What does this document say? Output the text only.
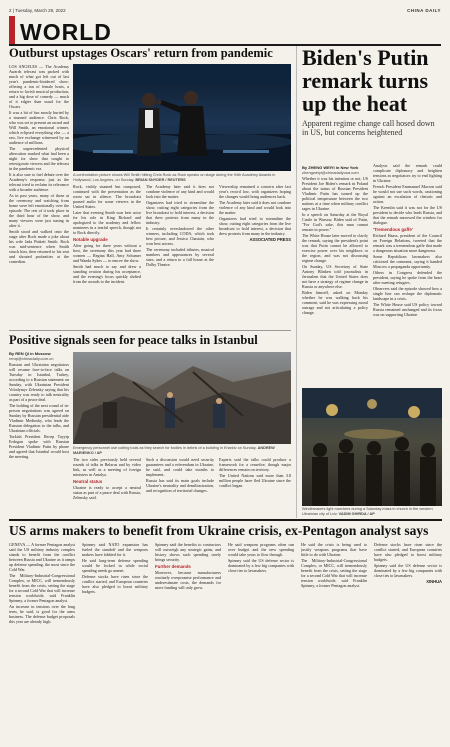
2 | Tuesday, March 29, 2022	CHINA DAILY
WORLD
Outburst upstages Oscars' return from pandemic

LOS ANGELES — The Academy Awards telecast was packed with much of what got left out of last year's pandemic-hindered show: offering a ton of female hosts, a return to lavish musical production, and a big dose of comedy — much of it edgier than usual for the Oscars.

It was a bit of fun mostly buried by a stunned audience. Chris Rock, who was set to present an award and Will Smith, an emotional winner, which eclipsed everything else — a raw, live exchange witnessed by an audience of millions.

The unprecedented physical altercation marked what had been a night for show that sought to reinvigorate viewers and the telecast in the pandemic era.

It is also sure to fuel debate over the Academy's response, just as the telecast tried to reclaim its relevance with a broader audience.

As in past years, many of those at the ceremony and watching from home were left emotionally over the episode. The rest of it took place in the third hour of the show, and many viewers were just tuning in after it.

Smith stood and walked onto the stage after Rock made a joke about his wife Jada Pinkett Smith. Rock was mid-sentence when Smith struck him, then returned to his seat and shouted profanities at the comedian.

A confrontation picture shows Will Smith hitting Chris Rock as Rock speaks on stage during the 94th Academy Awards in Hollywood, Los Angeles, on Sunday. BRIAN SNYDER / REUTERS

Rock, visibly stunned but composed, continued with the presentation as the room sat in silence. The broadcast paused audio for some viewers in the United States.

Later that evening Smith won best actor for his role in King Richard and apologized to the academy and fellow nominees in a tearful speech, though not to Rock directly.

Notable upgrade

After going for three years without a host, the ceremony this year had three women — Regina Hall, Amy Schumer and Wanda Sykes — to emcee the show.

Smith had much to say and drew a standing ovation during his acceptance, and the evening's focus quickly shifted from the awards to the incident.

The Academy later said it does not condone violence of any kind and would look into the matter.

Organizers had tried to streamline the show, cutting eight categories from the live broadcast to hold interest, a decision that drew protests from many in the industry.

It certainly overshadowed the other winners, including CODA, which took best picture, and Jessica Chastain, who won best actress.

The ceremony included tributes, musical numbers and appearances by several stars, and a return to a full house at the Dolby Theatre.

Viewership remained a concern after last year's record low, with organizers hoping the changes would bring audiences back.

The Academy later said it does not condone violence of any kind and would look into the matter.

Organizers had tried to streamline the show, cutting eight categories from the live broadcast to hold interest, a decision that drew protests from many in the industry.

ASSOCIATED PRESS

Positive signals seen for peace talks in Istanbul
By REN QI in Moscow
renqi@chinadaily.com.cn

Russian and Ukrainian negotiators will resume face-to-face talks on Tuesday in Istanbul, Turkey, according to a Russian statement on Sunday, with Ukrainian President Volodymyr Zelensky saying that his country was ready to talk neutrality as part of a peace deal.

The holding of the next round of in-person negotiations was agreed on Sunday by Russian presidential aide Vladimir Medinsky, who leads the Russian delegation to the talks, and Ukrainian officials.

Turkish President Recep Tayyip Erdogan spoke with Russian President Vladimir Putin by phone and agreed that Istanbul would host the meeting.

Emergency personnel use cutting tools as they search for bodies in debris of a building in Kharkiv on Sunday. ANDREW MARIENKO / AP

The two sides previously held several rounds of talks in Belarus and by video link, as well as a meeting of foreign ministers in Antalya.

Neutral status

Ukraine is ready to accept a neutral status as part of a peace deal with Russia, Zelensky said.

Such a discussion would need security guarantees and a referendum in Ukraine, he said, and could take months to implement.

Russia has said its main goals include Ukraine's neutrality and demilitarization, and recognition of territorial changes.

Experts said the talks could produce a framework for a ceasefire, though major differences remain on territory.

The United Nations said more than 3.8 million people have fled Ukraine since the conflict began.

Biden's Putin remark turns up the heat
Apparent regime change call hosed down in US, but concerns heightened
By ZHENG WEIYI in New York
zhengweiyi@chinadailyusa.com

Whether it was his intention or not, US President Joe Biden's remark in Poland about the status of Russian President Vladimir Putin has turned up the political temperature between the two nations at a time when military conflict rages in Ukraine.

In a speech on Saturday at the Royal Castle in Warsaw, Biden said of Putin, "For God's sake, this man cannot remain in power."

The White House later moved to clarify the remark, saying the president's point was that Putin cannot be allowed to exercise power over his neighbors or the region, and was not discussing regime change.

On Sunday, US Secretary of State Antony Blinken told journalists in Jerusalem that the United States does not have a strategy of regime change in Russia or anywhere else.

Biden himself, asked on Monday whether he was walking back his comment, said he was expressing moral outrage and not articulating a policy change.

Analysts said the remark could complicate diplomacy and heighten tensions as negotiators try to end fighting in Ukraine.

French President Emmanuel Macron said he would not use such words, cautioning against an escalation of rhetoric and action.

The Kremlin said it was not for the US president to decide who leads Russia, and that the remark narrowed the window for dialogue.

'Tremendous gaffe'

Richard Haass, president of the Council on Foreign Relations, tweeted that the remark was a tremendous gaffe that made a dangerous situation more dangerous.

Some Republican lawmakers also criticized the comment, saying it handed Moscow a propaganda opportunity.

Others in Congress defended the president, saying he spoke from the heart after meeting refugees.

Observers said the episode showed how a single line can reshape the diplomatic landscape in a crisis.

The White House said US policy toward Russia remained unchanged and its focus was on supporting Ukraine.

Windbreakers light marchers during a Saturday mass in church in the western Ukrainian city of Lviv. VADIM GHIRDA / AP
US arms makers to benefit from Ukraine crisis, ex-Pentagon analyst says

GENEVA — A former Pentagon analyst said the US military industry complex stands to benefit from the conflict between Russia and Ukraine as it ramps up defense spending, the most since the Cold War.

The Military-Industrial-Congressional Complex, or MICC, will tremendously benefit from the crisis, setting the stage for a second Cold War that will increase tension worldwide, said Franklin Spinney, a former Pentagon analyst.

An increase in tensions over the long term, he said, is good for the arms business. The defense budget proposals this year are already high.

Spinney said NATO expansion has fueled the standoff and the weapons makers have lobbied for it.

He said long-term defense spending would be locked in while social spending needs go unmet.

Defense stocks have risen since the conflict started, and European countries have also pledged to boost military budgets.

Spinney said the benefits to contractors will outweigh any strategic gains, and history shows such spending rarely brings security.

Further demands

Moreover, because manufacturers routinely overpromise performance and underestimate costs, the demands for more funding will only grow.

He said weapons programs often run over budget and the new spending would take years to flow through.

Spinney said the US defense sector is dominated by a few big companies with close ties to lawmakers.

He said the crisis is being used to justify weapons programs that have little to do with Ukraine.

The Military-Industrial-Congressional Complex, or MICC, will tremendously benefit from the crisis, setting the stage for a second Cold War that will increase tension worldwide, said Franklin Spinney, a former Pentagon analyst.

Defense stocks have risen since the conflict started, and European countries have also pledged to boost military budgets.

Spinney said the US defense sector is dominated by a few big companies with close ties to lawmakers.

XINHUA
